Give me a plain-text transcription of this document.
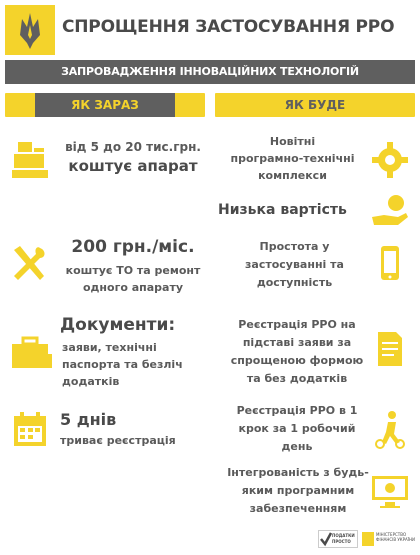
СПРОЩЕННЯ ЗАСТОСУВАННЯ РРО
ЗАПРОВАДЖЕННЯ ІННОВАЦІЙНИХ ТЕХНОЛОГІЙ
ЯК ЗАРАЗ	ЯК БУДЕ
від 5 до 20 тис.грн.
коштує апарат
200 грн./міс.
коштує ТО та ремонт
одного апарату
Документи:
заяви, технічні
паспорта та безліч
додатків
5 днів
триває реєстрація
Новітні
програмно-технічні
комплекси
Низька вартість
Простота у
застосуванні та
доступність
Реєстрація РРО на
підставі заяви за
спрощеною формою
та без додатків
Реєстрація РРО в 1
крок за 1 робочий
день
Інтегрованість з будь-
яким програмним
забезпеченням
ПОДАТКИ ПРОСТО
МІНІСТЕРСТВО ФІНАНСІВ УКРАЇНИ
